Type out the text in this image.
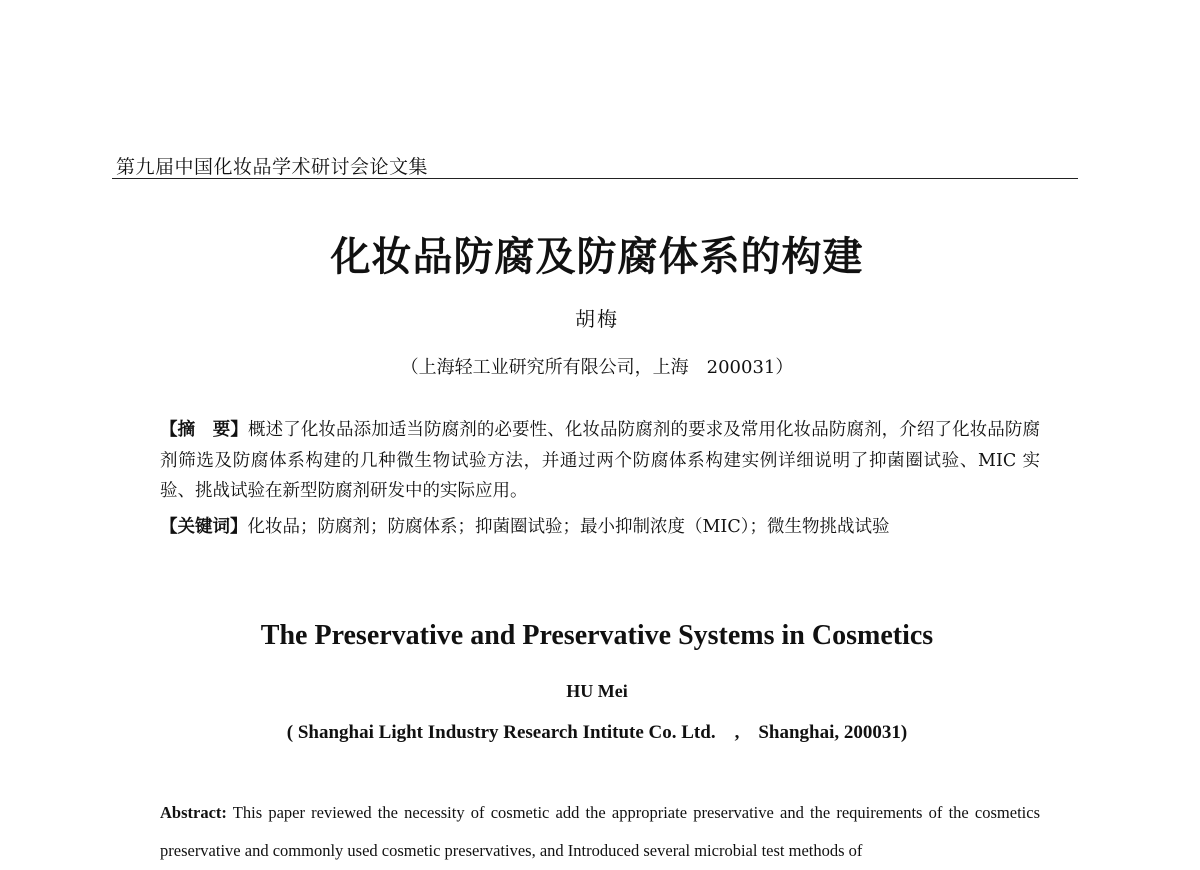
第九届中国化妆品学术研讨会论文集
化妆品防腐及防腐体系的构建
胡梅
（上海轻工业研究所有限公司，上海　200031）
【摘　要】概述了化妆品添加适当防腐剂的必要性、化妆品防腐剂的要求及常用化妆品防腐剂，介绍了化妆品防腐剂筛选及防腐体系构建的几种微生物试验方法，并通过两个防腐体系构建实例详细说明了抑菌圈试验、MIC 实验、挑战试验在新型防腐剂研发中的实际应用。
【关键词】化妆品；防腐剂；防腐体系；抑菌圈试验；最小抑制浓度（MIC）；微生物挑战试验
The Preservative and Preservative Systems in Cosmetics
HU Mei
( Shanghai Light Industry Research Intitute Co. Ltd.　,　Shanghai, 200031)
Abstract: This paper reviewed the necessity of cosmetic add the appropriate preservative and the requirements of the cosmetics preservative and commonly used cosmetic preservatives, and Introduced several microbial test methods of
